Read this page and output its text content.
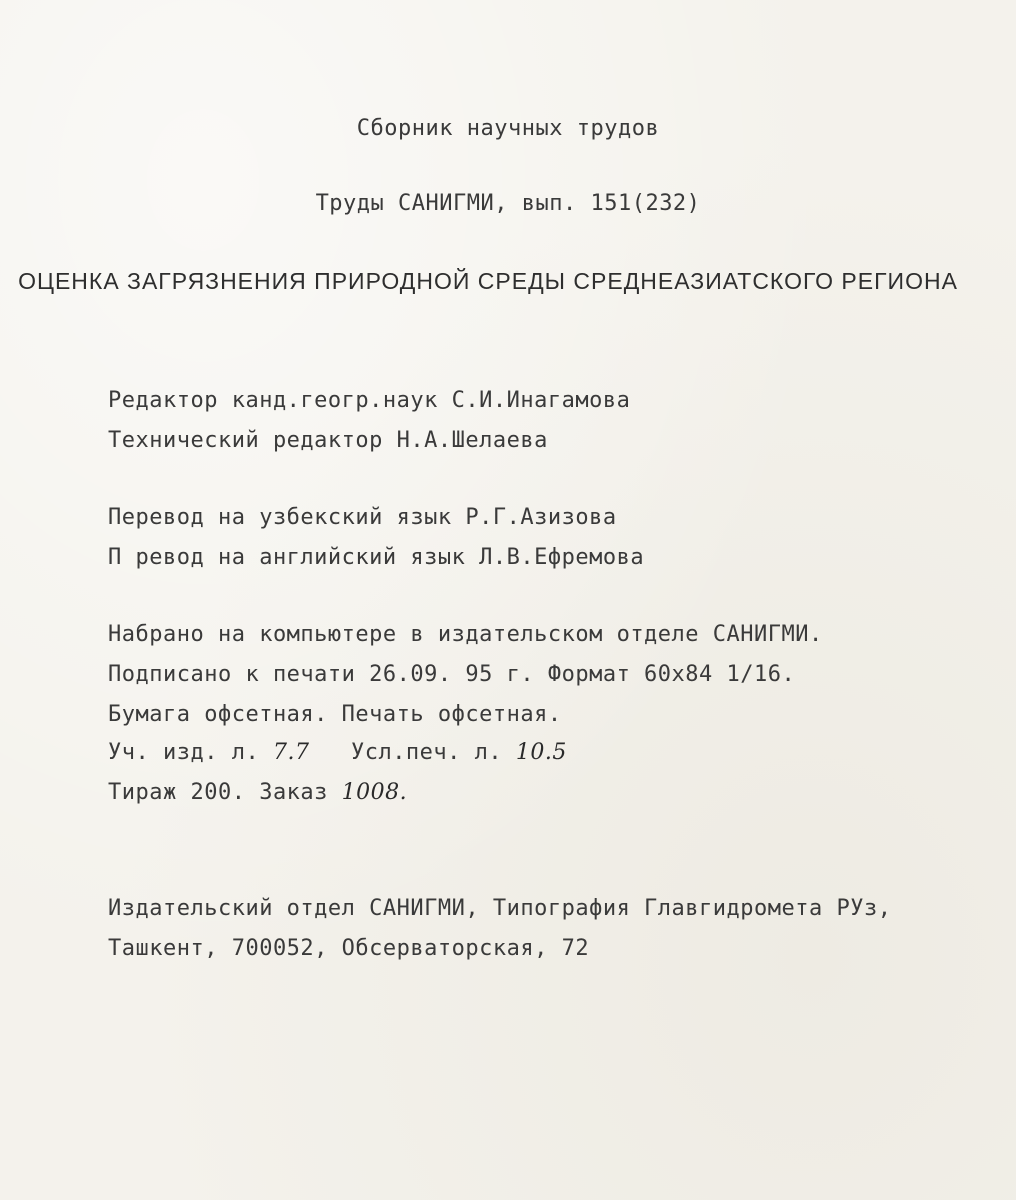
Сборник научных трудов
Труды САНИГМИ, вып. 151(232)
ОЦЕНКА ЗАГРЯЗНЕНИЯ ПРИРОДНОЙ СРЕДЫ СРЕДНЕАЗИАТСКОГО РЕГИОНА
Редактор канд.геогр.наук С.И.Инагамова
Технический редактор Н.А.Шелаева
Перевод на узбекский язык Р.Г.Азизова
П ревод на английский язык Л.В.Ефремова
Набрано на компьютере в издательском отделе САНИГМИ.
Подписано к печати 26.09. 95 г. Формат 60x84 1/16.
Бумага офсетная. Печать офсетная.
Уч. изд. л. 7.7 Усл.печ. л. 10.5
Тираж 200. Заказ 1008.
Издательский отдел САНИГМИ, Типография Главгидромета РУз,
Ташкент, 700052, Обсерваторская, 72
